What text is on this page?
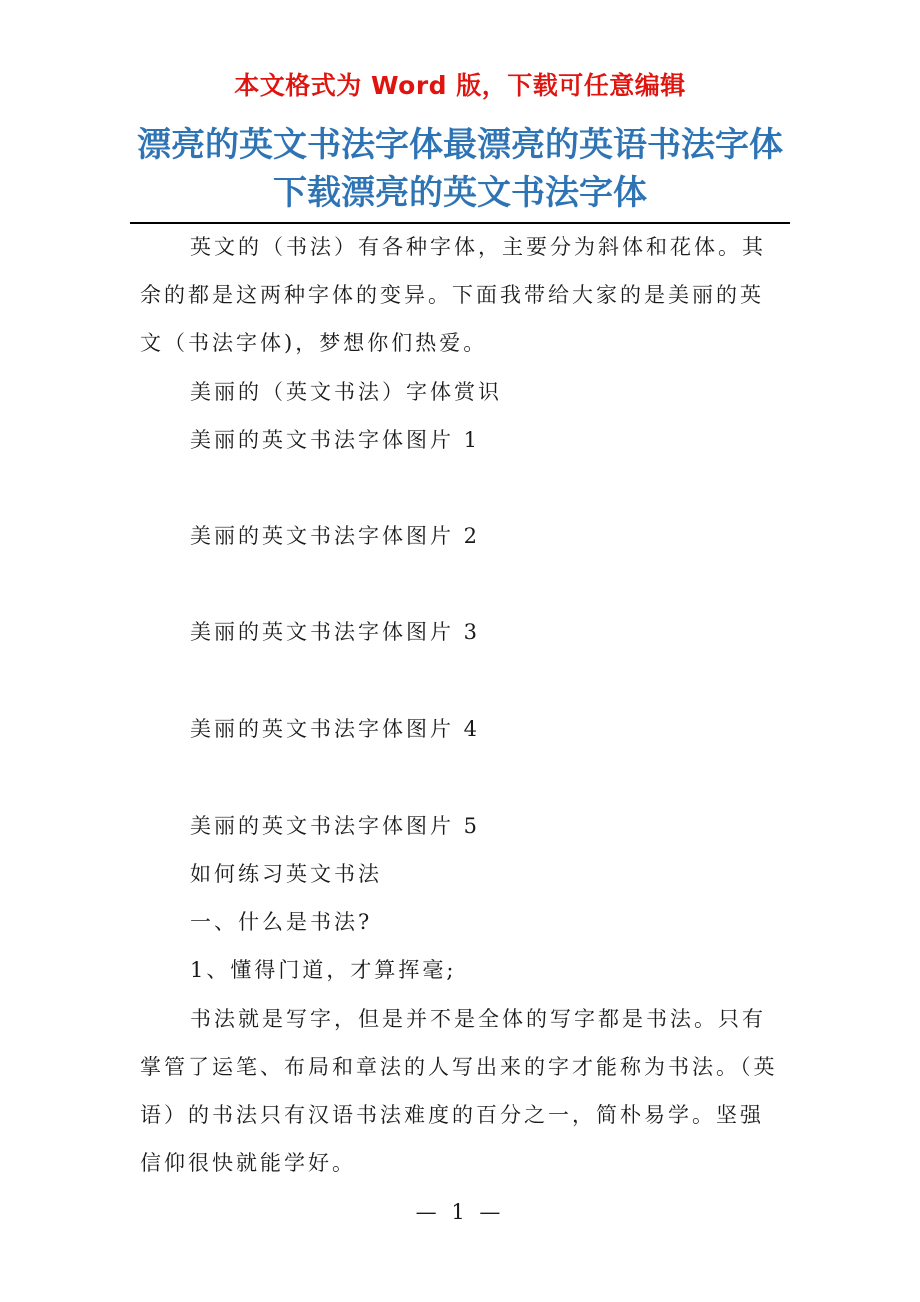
本文格式为 Word 版，下载可任意编辑
漂亮的英文书法字体最漂亮的英语书法字体下载漂亮的英文书法字体

英文的（书法）有各种字体，主要分为斜体和花体。其余的都是这两种字体的变异。下面我带给大家的是美丽的英文（书法字体)，梦想你们热爱。

美丽的（英文书法）字体赏识
美丽的英文书法字体图片 1
美丽的英文书法字体图片 2
美丽的英文书法字体图片 3
美丽的英文书法字体图片 4
美丽的英文书法字体图片 5
如何练习英文书法
一、什么是书法?
1、懂得门道，才算挥毫;

书法就是写字，但是并不是全体的写字都是书法。只有掌管了运笔、布局和章法的人写出来的字才能称为书法。（英语）的书法只有汉语书法难度的百分之一，简朴易学。坚强信仰很快就能学好。

— 1 —
